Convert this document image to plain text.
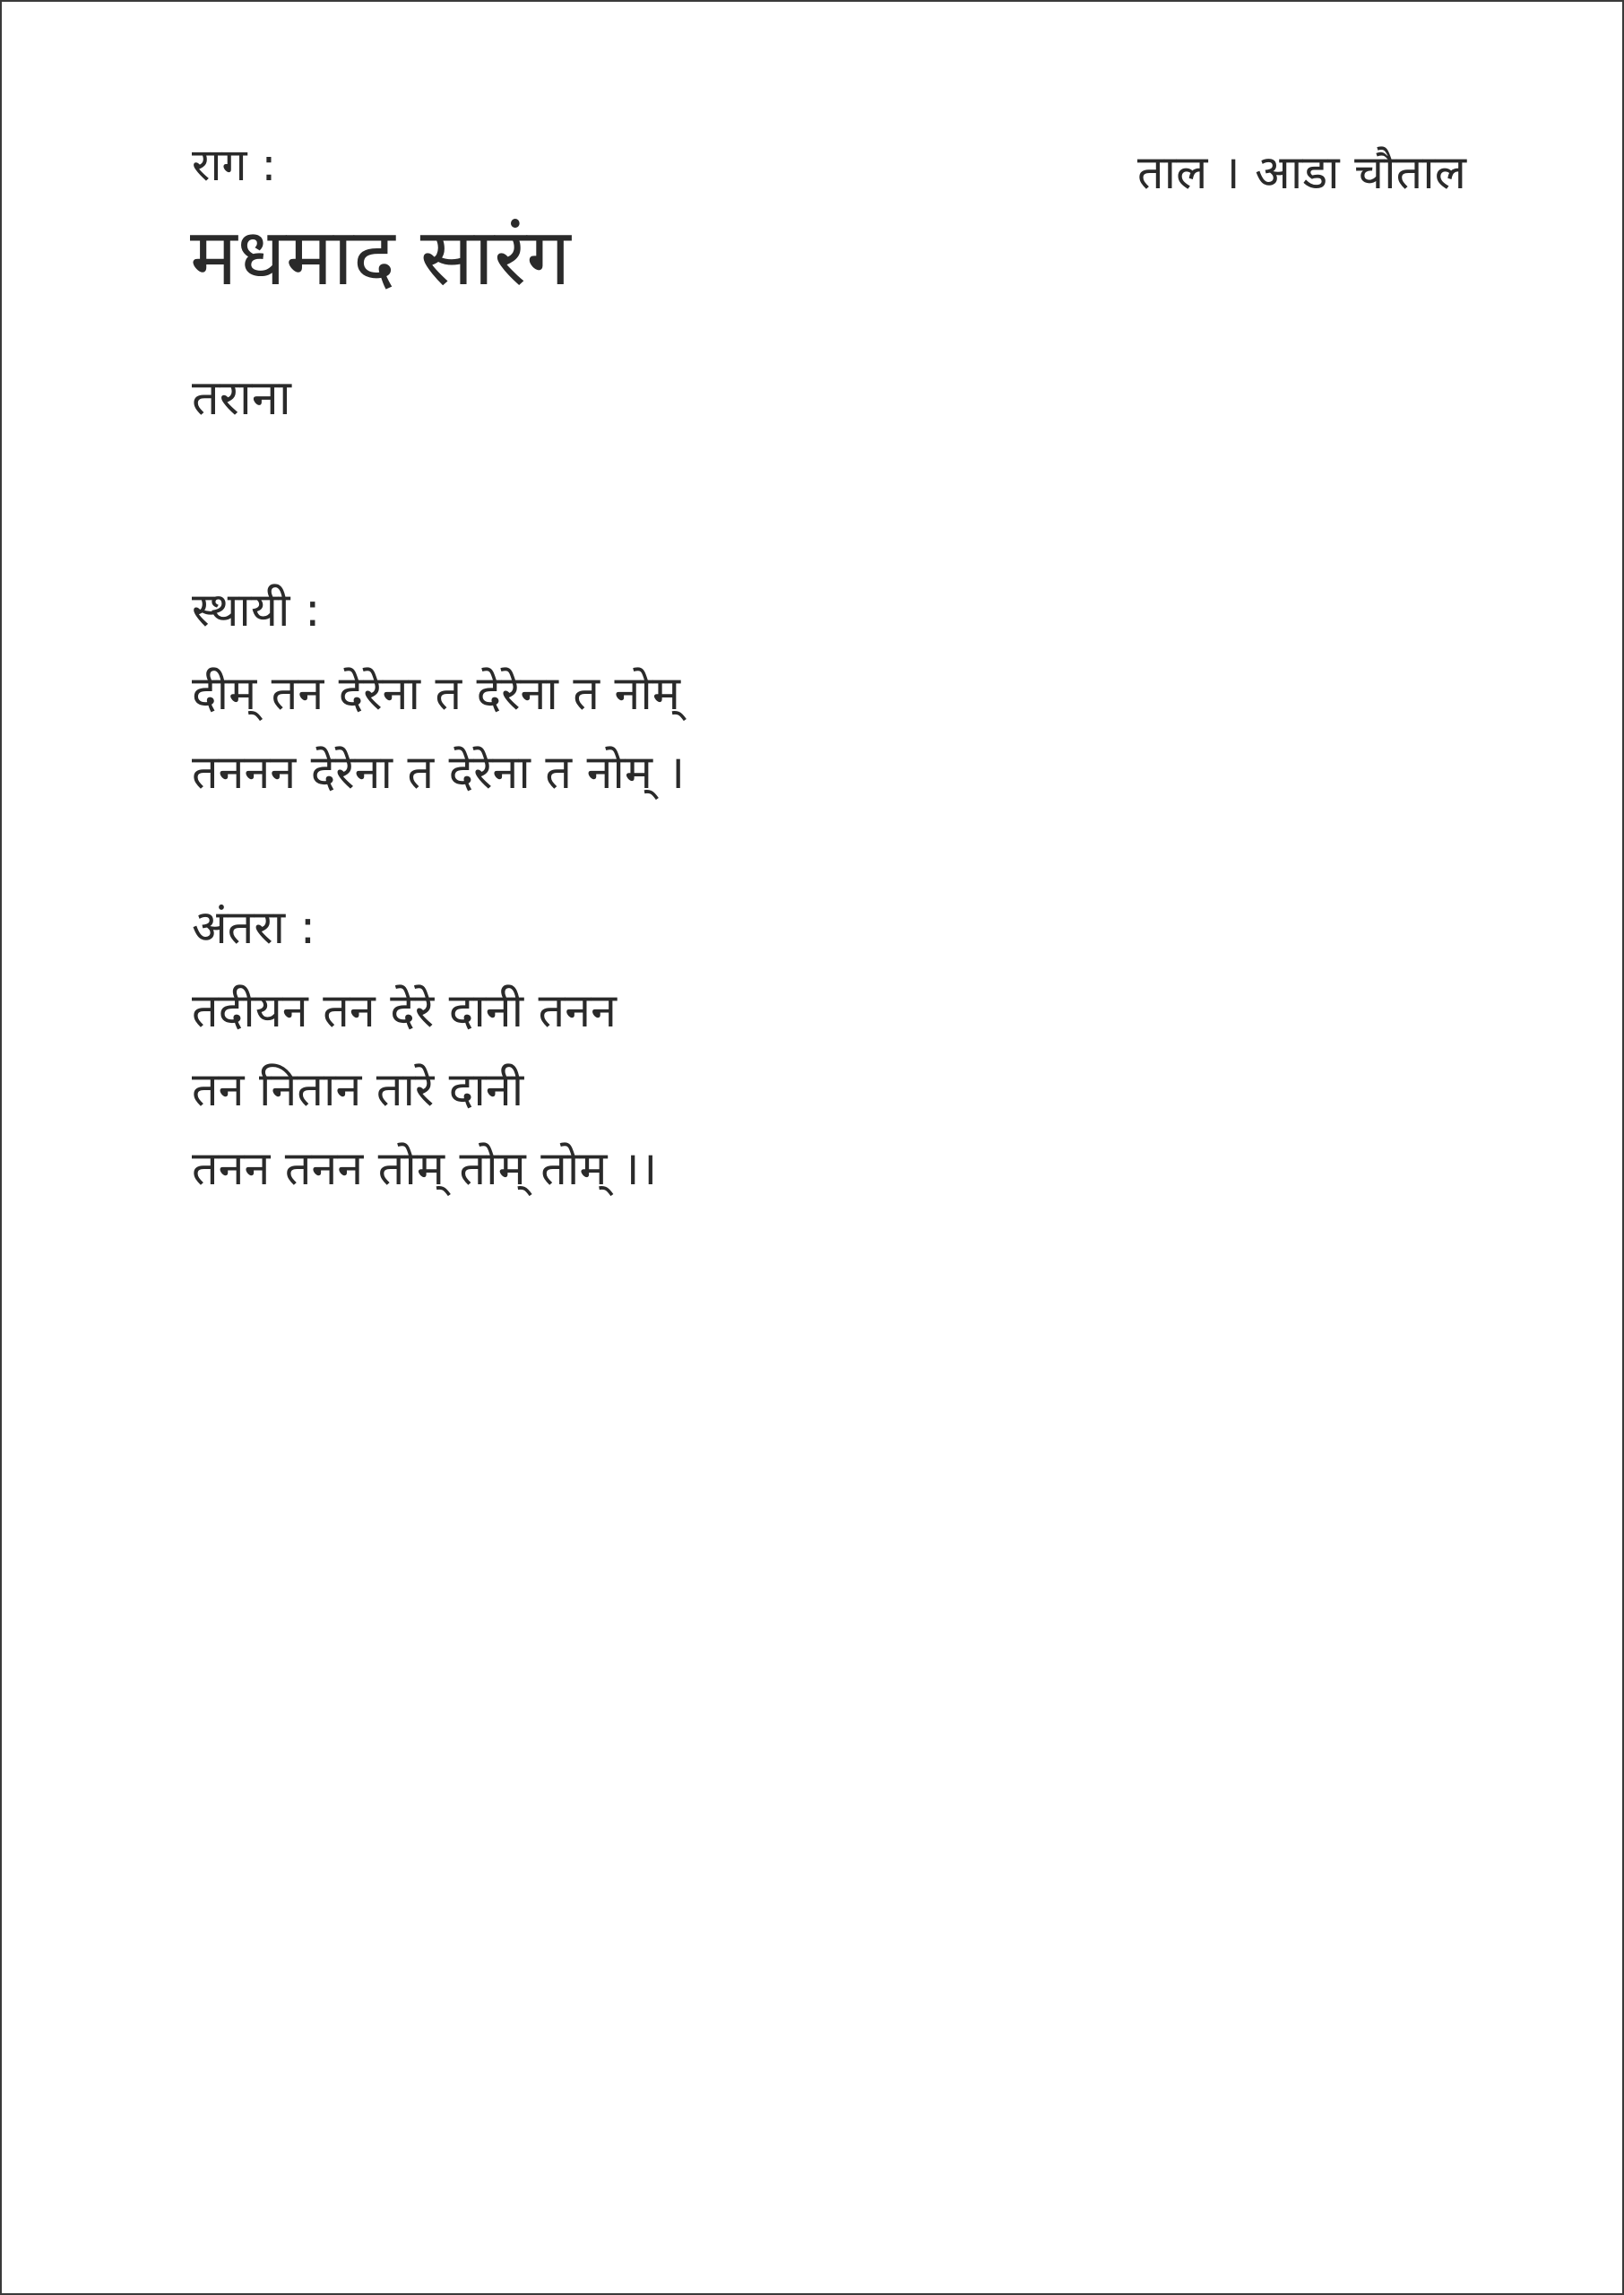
राग :	ताल । आडा चौताल
मधमाद सारंग
तराना
स्थायी :
दीम् तन देरेना त देरेना त नोम्
तननन देरेना त देरेना त नोम् ।
अंतरा :
तदीयन तन देरे दानी तनन
तन नितान तारे दानी
तनन तनन तोम् तोम् तोम् ।।
